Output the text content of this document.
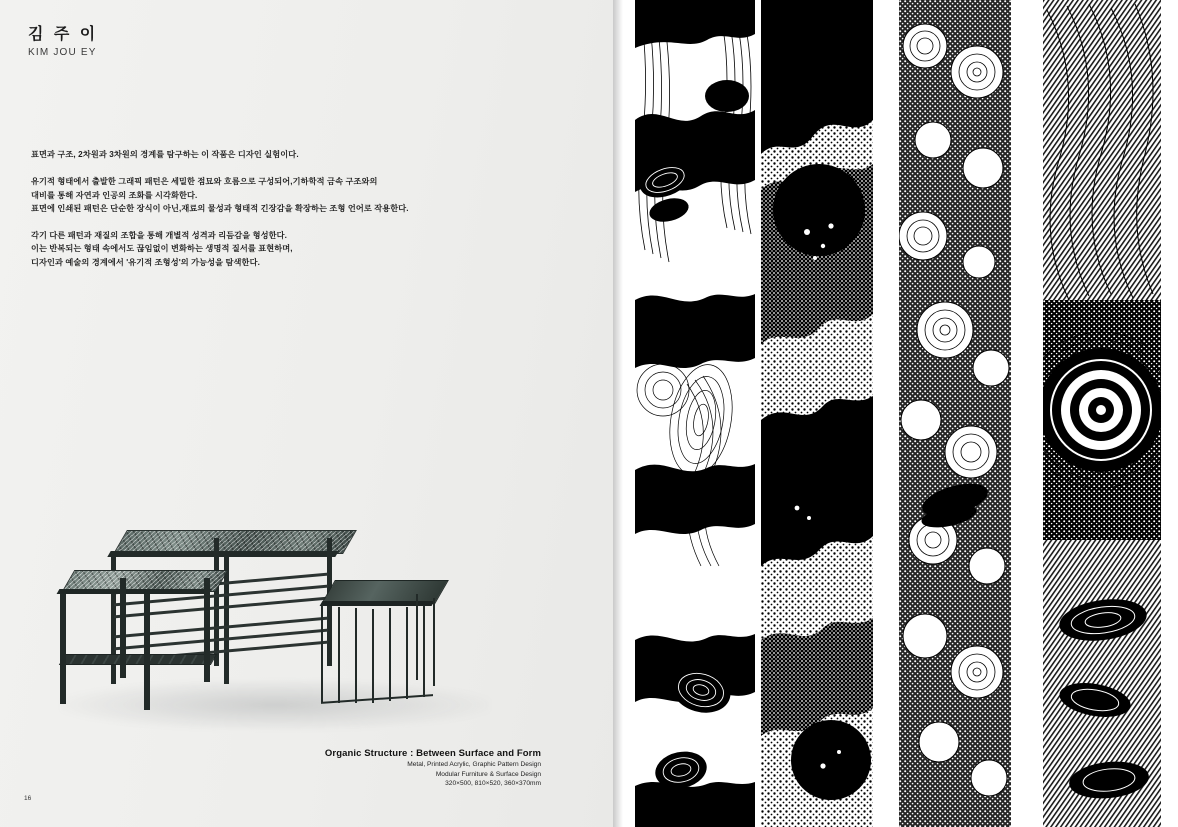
김 주 이
KIM JOU EY

표면과 구조, 2차원과 3차원의 경계를 탐구하는 이 작품은 디자인 실험이다.

유기적 형태에서 출발한 그래픽 패턴은 세밀한 점묘와 흐름으로 구성되어,기하학적 금속 구조와의
대비를 통해 자연과 인공의 조화를 시각화한다.
표면에 인쇄된 패턴은 단순한 장식이 아닌,재료의 물성과 형태적 긴장감을 확장하는 조형 언어로 작용한다.

각기 다른 패턴과 재질의 조합을 통해 개별적 성격과 리듬감을 형성한다.
이는 반복되는 형태 속에서도 끊임없이 변화하는 생명적 질서를 표현하며,
디자인과 예술의 경계에서 '유기적 조형성'의 가능성을 탐색한다.

Organic Structure : Between Surface and Form
Metal, Printed Acrylic, Graphic Pattern Design
Modular Furniture & Surface Design
320×500, 810×520, 360×370mm
16
